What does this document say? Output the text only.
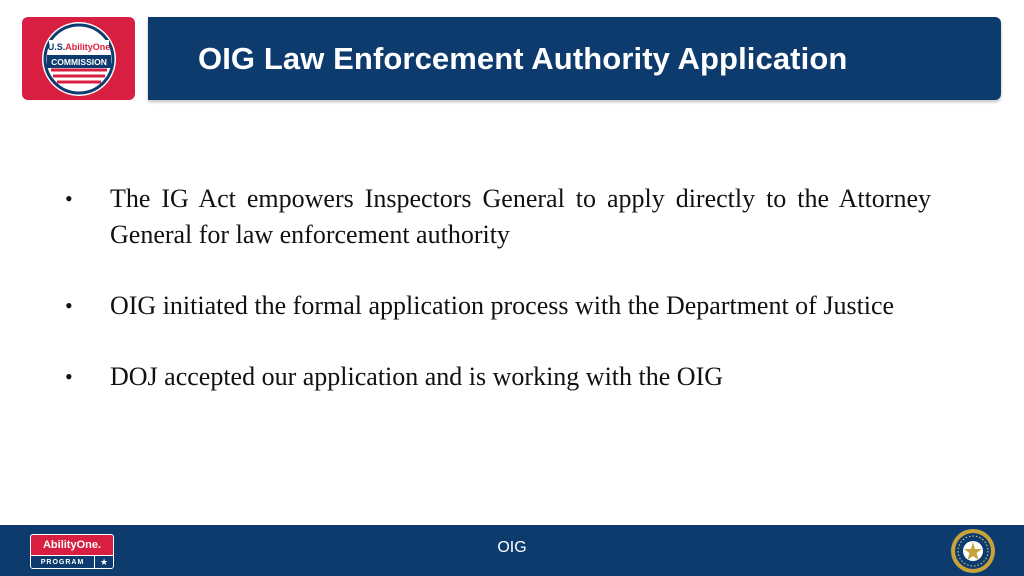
U.S.AbilityOne
COMMISSION	OIG Law Enforcement Authority Application
•	The IG Act empowers Inspectors General to apply directly to the Attorney General for law enforcement authority
•	OIG initiated the formal application process with the Department of Justice
•	DOJ accepted our application and is working with the OIG
AbilityOne.
PROGRAM	★
OIG
